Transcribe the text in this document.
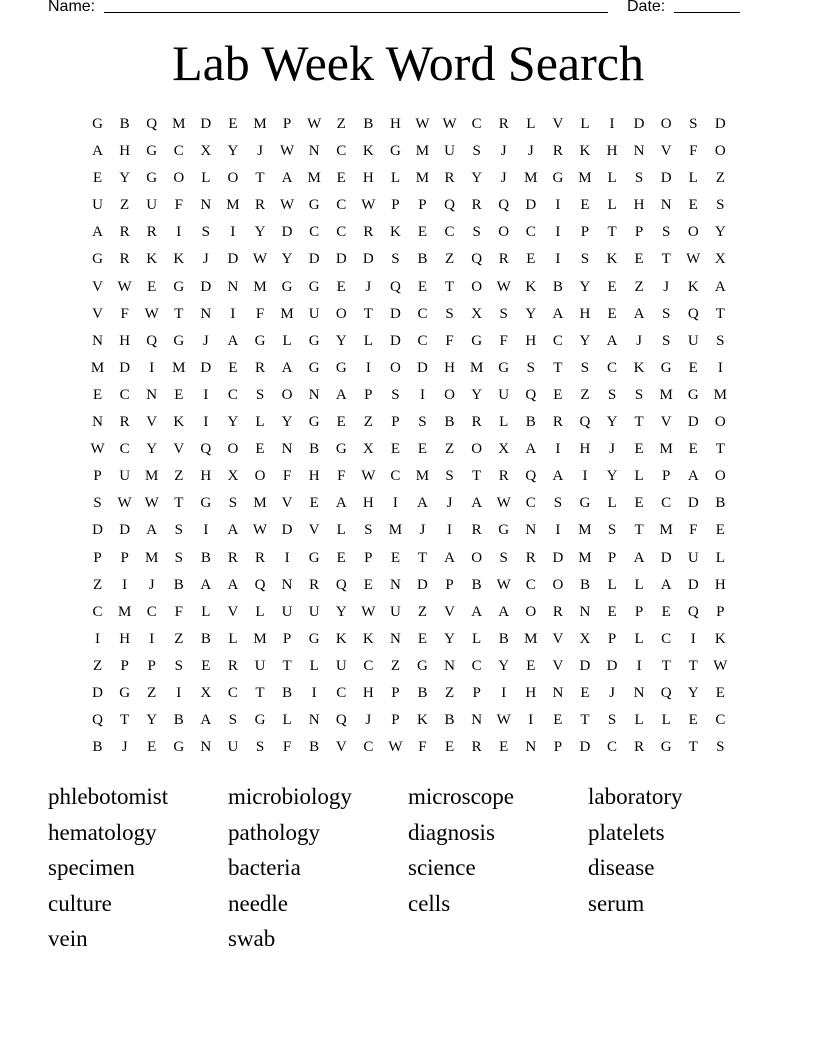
Name:	Date:
Lab Week Word Search
G	B	Q M D	E	M	P	W	Z	B	H W W C	R	L	V	L	I	D	O	S	D
A	H	G	C	X	Y	J	W N	C	K	G M U	S	J	J	R	K	H	N	V	F	O
E	Y	G	O	L	O	T	A M	E	H	L	M	R	Y	J	M G M	L	S	D	L	Z
U	Z	U	F	N M	R W G	C W	P	P	Q	R	Q	D	I	E	L	H	N	E	S
A	R	R	I	S	I	Y	D	C	C	R	K	E	C	S	O	C	I	P	T	P	S	O	Y
G	R	K	K	J	D W Y	D	D	D	S	B	Z	Q	R	E	I	S	K	E	T	W X
V W	E	G	D	N M G	G	E	J	Q	E	T	O W K	B	Y	E	Z	J	K	A
V	F	W	T	N	I	F	M U	O	T	D	C	S	X	S	Y	A	H	E	A	S	Q	T
N	H	Q	G	J	A	G	L	G	Y	L	D	C	F	G	F	H	C	Y	A	J	S	U	S
M D	I	M D	E	R	A	G	G	I	O	D	H M G	S	T	S	C	K	G	E	I
E	C	N	E	I	C	S	O	N	A	P	S	I	O	Y	U	Q	E	Z	S	S	M G M
N	R	V	K	I	Y	L	Y	G	E	Z	P	S	B	R	L	B	R	Q	Y	T	V	D	O
W C	Y	V	Q	O	E	N	B	G	X	E	E	Z	O	X	A	I	H	J	E	M	E	T
P	U M	Z	H	X	O	F	H	F	W C	M	S	T	R	Q	A	I	Y	L	P	A	O
S	W W	T	G	S	M V	E	A	H	I	A	J	A W C	S	G	L	E	C	D	B
D	D	A	S	I	A W D	V	L	S	M	J	I	R	G	N	I	M	S	T	M	F	E
P	P	M	S	B	R	R	I	G	E	P	E	T	A	O	S	R	D M	P	A	D	U	L
Z	I	J	B	A	A	Q	N	R	Q	E	N	D	P	B W C	O	B	L	L	A	D	H
C	M	C	F	L	V	L	U	U	Y W U	Z	V	A	A	O	R	N	E	P	E	Q	P
I	H	I	Z	B	L	M	P	G	K	K	N	E	Y	L	B	M V	X	P	L	C	I	K
Z	P	P	S	E	R	U	T	L	U	C	Z	G	N	C	Y	E	V	D	D	I	T	T	W
D	G	Z	I	X	C	T	B	I	C	H	P	B	Z	P	I	H	N	E	J	N	Q	Y	E
Q	T	Y	B	A	S	G	L	N	Q	J	P	K	B	N W	I	E	T	S	L	L	E	C
B	J	E	G	N	U	S	F	B	V	C W	F	E	R	E	N	P	D	C	R	G	T	S
phlebotomist	microbiology	microscope	laboratory
hematology	pathology	diagnosis	platelets
specimen	bacteria	science	disease
culture	needle	cells	serum
vein	swab
